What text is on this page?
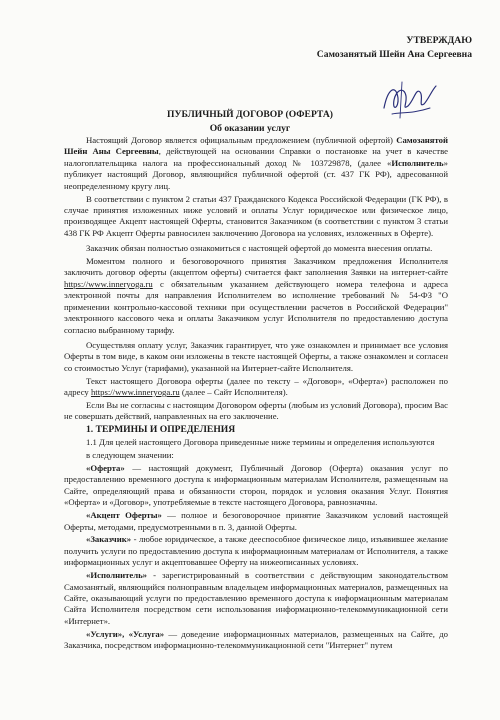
УТВЕРЖДАЮ
Самозанятый Шейн Ана Сергеевна
ПУБЛИЧНЫЙ ДОГОВОР (ОФЕРТА)
Об оказании услуг

Настоящий Договор является официальным предложением (публичной офертой) Самозанятой Шейн Аны Сергеевны, действующей на основании Справки о постановке на учет в качестве налогоплательщика налога на профессиональный доход № 103729878, (далее «Исполнитель» публикует настоящий Договор, являющийся публичной офертой (ст. 437 ГК РФ), адресованной неопределенному кругу лиц.

В соответствии с пунктом 2 статьи 437 Гражданского Кодекса Российской Федерации (ГК РФ), в случае принятия изложенных ниже условий и оплаты Услуг юридическое или физическое лицо, производящее Акцепт настоящей Оферты, становится Заказчиком (в соответствии с пунктом 3 статьи 438 ГК РФ Акцепт Оферты равносилен заключению Договора на условиях, изложенных в Оферте).

Заказчик обязан полностью ознакомиться с настоящей офертой до момента внесения оплаты.

Моментом полного и безоговорочного принятия Заказчиком предложения Исполнителя заключить договор оферты (акцептом оферты) считается факт заполнения Заявки на интернет-сайте https://www.inneryoga.ru с обязательным указанием действующего номера телефона и адреса электронной почты для направления Исполнителем во исполнение требований № 54-ФЗ "О применении контрольно-кассовой техники при осуществлении расчетов в Российской Федерации" электронного кассового чека и оплаты Заказчиком услуг Исполнителя по предоставлению доступа согласно выбранному тарифу.

Осуществляя оплату услуг, Заказчик гарантирует, что уже ознакомлен и принимает все условия Оферты в том виде, в каком они изложены в тексте настоящей Оферты, а также ознакомлен и согласен со стоимостью Услуг (тарифами), указанной на Интернет-сайте Исполнителя.

Текст настоящего Договора оферты (далее по тексту – «Договор», «Оферта») расположен по адресу https://www.inneryoga.ru (далее – Сайт Исполнителя).

Если Вы не согласны с настоящим Договором оферты (любым из условий Договора), просим Вас не совершать действий, направленных на его заключение.

1. ТЕРМИНЫ И ОПРЕДЕЛЕНИЯ

1.1 Для целей настоящего Договора приведенные ниже термины и определения используются

в следующем значении:

«Оферта» — настоящий документ, Публичный Договор (Оферта) оказания услуг по предоставлению временного доступа к информационным материалам Исполнителя, размещенным на Сайте, определяющий права и обязанности сторон, порядок и условия оказания Услуг. Понятия «Оферта» и «Договор», употребляемые в тексте настоящего Договора, равнозначны.

«Акцепт Оферты» — полное и безоговорочное принятие Заказчиком условий настоящей Оферты, методами, предусмотренными в п. 3, данной Оферты.

«Заказчик» - любое юридическое, а также дееспособное физическое лицо, изъявившее желание получить услуги по предоставлению доступа к информационным материалам от Исполнителя, а также информационных услуг и акцептовавшее Оферту на нижеописанных условиях.

«Исполнитель» - зарегистрированный в соответствии с действующим законодательством Самозанятый, являющийся полноправным владельцем информационных материалов, размещенных на Сайте, оказывающий услуги по предоставлению временного доступа к информационным материалам Сайта Исполнителя посредством сети использования информационно-телекоммуникационной сети «Интернет».

«Услуги», «Услуга» — доведение информационных материалов, размещенных на Сайте, до Заказчика, посредством информационно-телекоммуникационной сети "Интернет" путем
